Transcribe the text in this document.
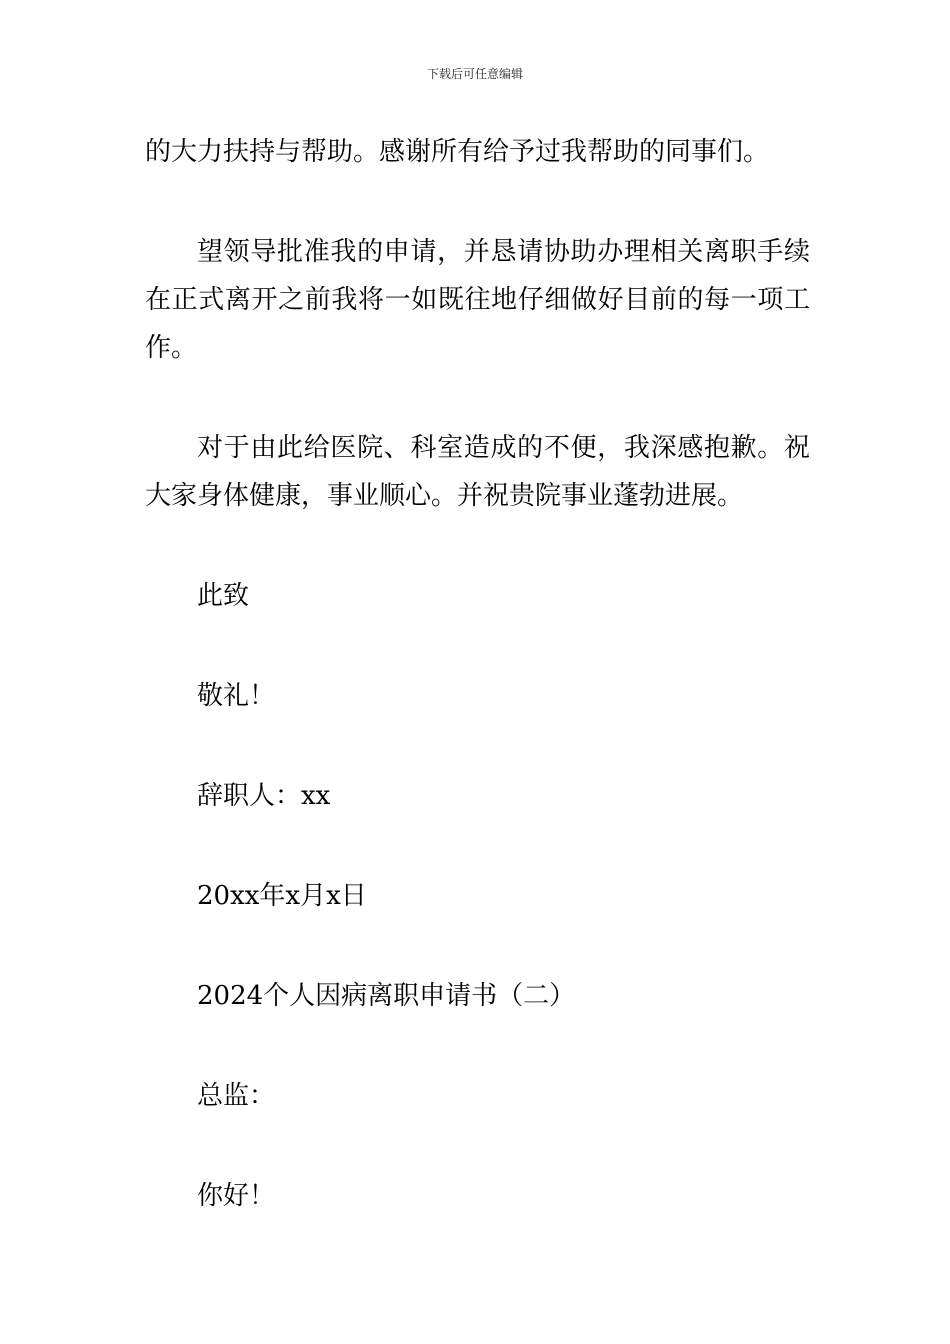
下载后可任意编辑

的大力扶持与帮助。感谢所有给予过我帮助的同事们。

望领导批准我的申请，并恳请协助办理相关离职手续在正式离开之前我将一如既往地仔细做好目前的每一项工作。

对于由此给医院、科室造成的不便，我深感抱歉。祝大家身体健康，事业顺心。并祝贵院事业蓬勃进展。

此致

敬礼！

辞职人：xx

20xx年x月x日

2024个人因病离职申请书（二）

总监：

你好！
